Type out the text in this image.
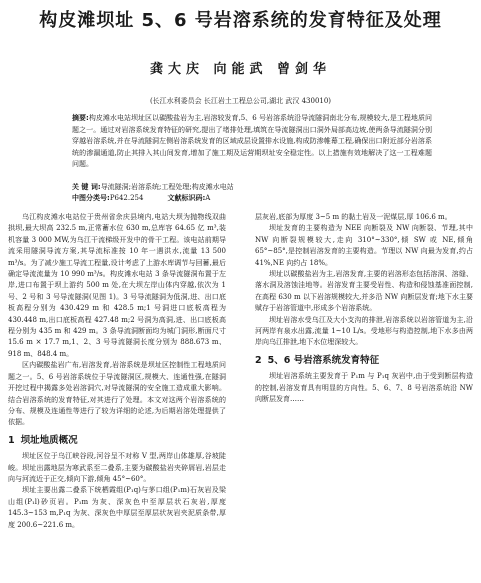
构皮滩坝址 5、6 号岩溶系统的发育特征及处理
龚大庆 向能武 曾剑华
(长江水利委员会 长江岩土工程总公司,湖北 武汉 430010)

摘要:构皮滩水电站坝址区以碳酸盐岩为主,岩溶较发育,5、6 号岩溶系统沿导流隧洞南北分布,规模较大,是工程地质问题之一。通过对岩溶系统发育特征的研究,提出了堵排处理,填筑在导流隧洞出口洞外局部高边坡,使两条导流隧洞分别穿越岩溶系统,并在导流隧洞左侧岩溶系统发育的区域成层设置排水设施,构成防渗帷幕工程,确保出口附近部分岩溶系统的渗漏通道,防止其排入其山间发育,增加了施工期及运营期坝址安全稳定性。以上措施有效地解决了这一工程难题问题。

关 键 词:导流隧洞;岩溶系统;工程处理;构皮滩水电站
中图分类号:P642.254	文献标识码:A

乌江构皮滩水电站位于贵州省余庆县境内,电站大坝为抛物线双曲拱坝,最大坝高 232.5 m,正常蓄水位 630 m,总库容 64.65 亿 m³,装机容量 3 000 MW,为乌江干流梯级开发中的骨干工程。该电站前期导流采用隧洞导流方案,其导流标准按 10 年一遇洪水,流量 13 500 m³/s。为了减少施工导流工程量,设计考虑了上游水库调节与回蓄,最后确定导流流量为 10 990 m³/s。构皮滩水电站 3 条导流隧洞布置于左岸,进口布置于坝上游约 500 m 处,在大坝左岸山体内穿越,依次为 1 号、2 号和 3 号导流隧洞(见图 1)。3 号导流隧洞为低洞,进、出口底板高程分别为 430.429 m 和 428.5 m;1 号洞进口底板高程为 430.448 m,出口底板高程 427.48 m;2 号洞为高洞,进、出口底板高程分别为 435 m 和 429 m。3 条导流洞断面均为城门洞形,断面尺寸 15.6 m × 17.7 m,1、2、3 号导流隧洞长度分别为 888.673 m、918 m、848.4 m。

区内碳酸盐岩广布,岩溶发育,岩溶系统是坝址区控制性工程地质问题之一。5、6 号岩溶系统位于导流隧洞区,规模大、连通性强,在隧洞开挖过程中揭露多处岩溶洞穴,对导流隧洞的安全施工造成重大影响。结合岩溶系统的发育特征,对其进行了处理。本文对这两个岩溶系统的分布、规模及连通性等进行了较为详细的论述,为后期岩溶处理提供了依据。

1 坝址地质概况

坝址区位于乌江峡谷段,河谷呈不对称 V 型,两岸山体雄厚,谷坡陡峻。坝址出露地层为寒武系至二叠系,主要为碳酸盐岩夹碎屑岩,岩层走向与河流近于正交,倾向下游,倾角 45°~60°。

坝址主要出露二叠系下统栖霞组(P₁q)与茅口组(P₁m)石灰岩及梁山组(P₁l)砂页岩。P₁m 为灰、深灰色中至厚层状石灰岩,厚度 145.3~153 m,P₁q 为灰、深灰色中厚层至厚层状灰岩夹泥质条带,厚度 200.6~221.6 m。

层灰岩,底部为厚度 3~5 m 的黏土岩及一泥煤层,厚 106.6 m。

坝址发育的主要构造为 NEE 向断裂及 NW 向断裂、节理,其中 NW 向断裂规模较大,走向 310°~330°,倾 SW 或 NE,倾角 65°~85°,是控制岩溶发育的主要构造。节理以 NW 向最为发育,约占 41%,NE 向约占 18%。

坝址以碳酸盐岩为主,岩溶发育,主要的岩溶形态包括溶洞、溶缝、落水洞及溶蚀洼地等。岩溶发育主要受岩性、构造和侵蚀基准面控制,在高程 630 m 以下岩溶规模较大,并多沿 NW 向断层发育;地下水主要赋存于岩溶管道中,形成多个岩溶系统。

坝址岩溶水受乌江及大小支沟的排泄,岩溶系统以岩溶管道为主,沿河两岸有泉水出露,流量 1~10 L/s。受地形与构造控制,地下水多由两岸向乌江排泄,地下水位埋深较大。

2 5、6 号岩溶系统发育特征

坝址岩溶系统主要发育于 P₁m 与 P₁q 灰岩中,由于受到断层构造的控制,岩溶发育具有明显的方向性。5、6、7、8 号岩溶系统沿 NW 向断层发育……
